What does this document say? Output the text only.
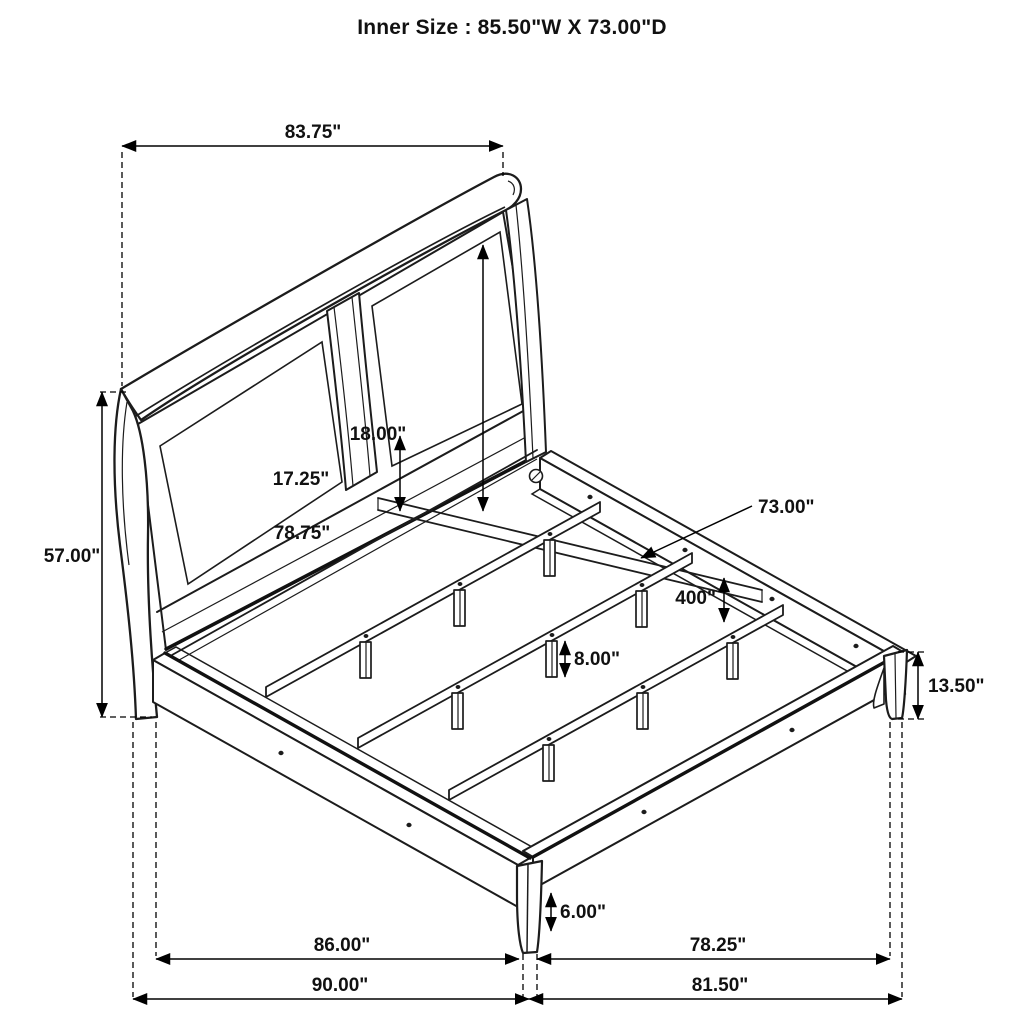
Inner Size : 85.50"W X 73.00"D
83.75"
57.00"
18.00"
17.25"
78.75"
73.00"
400"
8.00"
13.50"
6.00"
86.00"	78.25"
90.00"	81.50"
